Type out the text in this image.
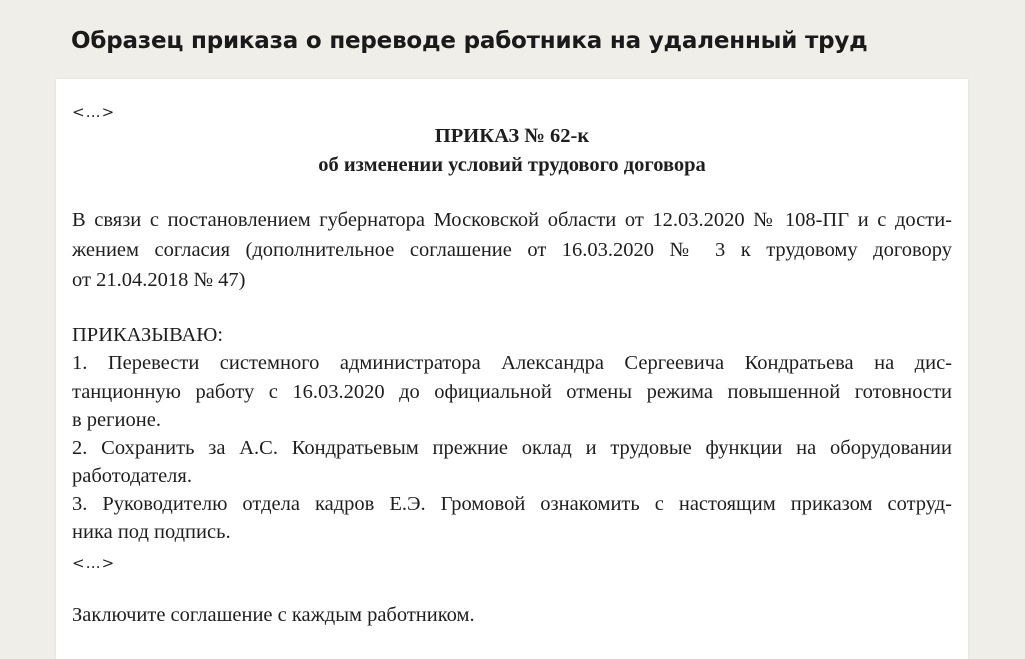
Образец приказа о переводе работника на удаленный труд

<…>

ПРИКАЗ № 62-к

об изменении условий трудового договора

В связи с постановлением губернатора Московской области от 12.03.2020 № 108-ПГ и с дости-

жением согласия (дополнительное соглашение от 16.03.2020 № 3 к трудовому договору

от 21.04.2018 № 47)

ПРИКАЗЫВАЮ:

1. Перевести системного администратора Александра Сергеевича Кондратьева на дис-

танционную работу с 16.03.2020 до официальной отмены режима повышенной готовности

в регионе.

2. Сохранить за А.С. Кондратьевым прежние оклад и трудовые функции на оборудовании

работодателя.

3. Руководителю отдела кадров Е.Э. Громовой ознакомить с настоящим приказом сотруд-

ника под подпись.

<…>

Заключите соглашение с каждым работником.
